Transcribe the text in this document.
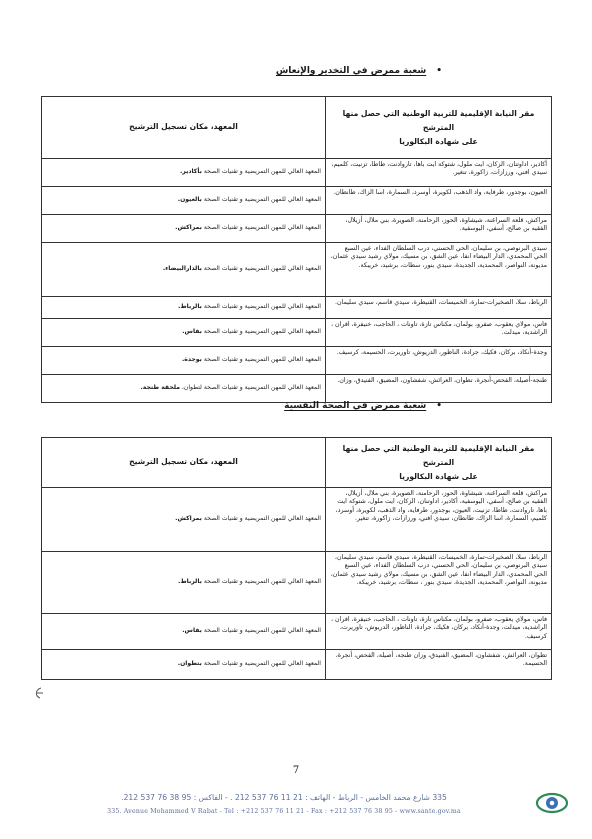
•شعبة ممرض في التخدير والإنعاش
مقر النيابة الإقليمية للتربية الوطنية التي حصل منها المترشح
على شهادة البكالوريا	المعهد، مكان تسجيل الترشيح
أكادير، اداوتنان، الزكان، ايت ملول، شتوكة ايت باها، تاروادنت، طاطا، تزنيت، كلميم، سيدي افني، ورزازات، زاكورة، تنغير.	المعهد العالي للمهن التمريضية و تقنيات الصحة بأكادير.
العيون، بوجدور، طرفاية، واد الذهب، لكويرة، أوسرد، السمارة، اسا الزاك، طانطان.	المعهد العالي للمهن التمريضية و تقنيات الصحة بالعيون.
مراكش، قلعة السراغنة، شيشاوة، الحوز، الرحامنة، الصويرة، بني ملال، أزيلال، الفقيه بن صالح، أسفي، اليوسفية.	المعهد العالي للمهن التمريضية و تقنيات الصحة بمراكش.
سيدي البرنوصي، بن سليمان، الحي الحسني، درب السلطان الفداء، عين السبع الحي المحمدي، الدار البيضاء انفا، عين الشق، بن مسيك، مولاي رشيد سيدي عثمان، مديونة، النواصر، المحمدية، الجديدة، سيدي بنور، سطات، برشيد، خريبكة.	المعهد العالي للمهن التمريضية و تقنيات الصحة بالدارالبيضاء.
الرباط، سلا، الصخيرات-تمارة، الخميسات، القنيطرة، سيدي قاسم، سيدي سليمان.	المعهد العالي للمهن التمريضية و تقنيات الصحة بالرباط.
فاس، مولاي يعقوب، صفرو، بولمان، مكناس تازة، تاونات ، الحاجب، خنيفرة، افران ، الراشدية، ميدلت.	المعهد العالي للمهن التمريضية و تقنيات الصحة بفاس.
وجدة-أنكاد، بركان، فكيك، جرادة، الناظور، الدريوش، تاوريرت، الحسيمة، كرسيف.	المعهد العالي للمهن التمريضية و تقنيات الصحة بوجدة.
طنجة-أصيلة، الفحص-أنجرة، تطوان، العرائش، شفشاون، المضيق، الفنيدق، وزان.	المعهد العالي للمهن التمريضية و تقنيات الصحة لتطوان، ملحقة طنجة.
•شعبة ممرض في الصحة النفسية
مقر النيابة الإقليمية للتربية الوطنية التي حصل منها المترشح
على شهادة البكالوريا	المعهد، مكان تسجيل الترشيح
مراكش، قلعة السراغنة، شيشاوة، الحوز، الرحامنة، الصويرة، بني ملال، أزيلال، الفقيه بن صالح، أسفي، اليوسفية، أكادير، اداوتنان، الزكان، ايت ملول، شتوكة ايت باها، تاروادنت، طاطا، تزنيت، العيون، بوجدور، طرفاية، واد الذهب، لكويرة، أوسرد، كلميم، السمارة، اسا الزاك، طانطان، سيدي افني، ورزازات، زاكورة، تنغير.	المعهد العالي للمهن التمريضية و تقنيات الصحة بمراكش.
الرباط، سلا، الصخيرات-تمارة، الخميسات، القنيطرة، سيدي قاسم، سيدي سليمان، سيدي البرنوصي، بن سليمان، الحي الحسني، درب السلطان الفداء، عين السبع الحي المحمدي، الدار البيضاء انفا، عين الشق، بن مسيك، مولاي رشيد سيدي عثمان، مديونة، النواصر، المحمدية، الجديدة، سيدي بنور ، سطات، برشيد، خريبكة.	المعهد العالي للمهن التمريضية و تقنيات الصحة بالرباط.
فاس، مولاي يعقوب، صفرو، بولمان، مكناس تازة، تاونات ، الحاجب، خنيفرة، افران ، الراشدية، ميدلت، وجدة-أنكاد، بركان، فكيك، جرادة، الناظور، الدريوش، تاوريرت، كرسيف.	المعهد العالي للمهن التمريضية و تقنيات الصحة بفاس.
تطوان، العرائش، شفشاون، المضيق، الفنيدق، وزان طنجة، أصيلة، الفحص، أنجرة، الحسيمة.	المعهد العالي للمهن التمريضية و تقنيات الصحة بتطوان.
7
335 شارع محمد الخامس - الرباط - الهاتف : 21 11 76 537 212 . - الفاكس : 95 38 76 537 212.
335. Avenue Mohammed V Rabat - Tel : +212 537 76 11 21 - Fax : +212 537 76 38 95 - www.sante.gov.ma
